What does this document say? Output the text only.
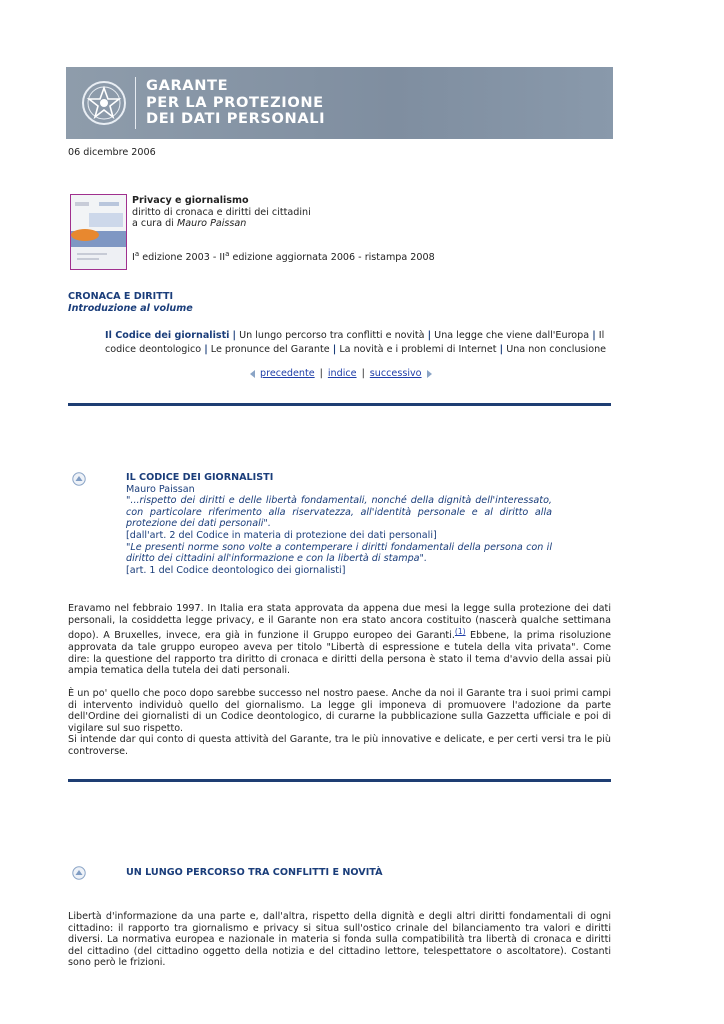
GARANTE
PER LA PROTEZIONE
DEI DATI PERSONALI
06 dicembre 2006
Privacy e giornalismo
diritto di cronaca e diritti dei cittadini
a cura di Mauro Paissan
$I^a$ edizione $2003 - II^a$ edizione aggiornata 2006 - ristampa 2008
CRONACA E DIRITTI
Introduzione al volume
Il Codice dei giornalisti | Un lungo percorso tra conflitti e novità | Una legge che viene dall'Europa | Il codice deontologico | Le pronunce del Garante | La novità e i problemi di Internet | Una non conclusione
precedente | indice | successivo
IL CODICE DEI GIORNALISTI
Mauro Paissan
"...rispetto dei diritti e delle libertà fondamentali, nonché della dignità dell'interessato, con particolare riferimento alla riservatezza, all'identità personale e al diritto alla protezione dei dati personali".
[dall'art. 2 del Codice in materia di protezione dei dati personali]
"Le presenti norme sono volte a contemperare i diritti fondamentali della persona con il diritto dei cittadini all'informazione e con la libertà di stampa".
[art. 1 del Codice deontologico dei giornalisti]
Eravamo nel febbraio 1997. In Italia era stata approvata da appena due mesi la legge sulla protezione dei dati personali, la cosiddetta legge privacy, e il Garante non era stato ancora costituito (nascerà qualche settimana dopo). A Bruxelles, invece, era già in funzione il Gruppo europeo dei Garanti.$^{(1)}$ Ebbene, la prima risoluzione approvata da tale gruppo europeo aveva per titolo "Libertà di espressione e tutela della vita privata". Come dire: la questione del rapporto tra diritto di cronaca e diritti della persona è stato il tema d'avvio della assai più ampia tematica della tutela dei dati personali.
È un po' quello che poco dopo sarebbe successo nel nostro paese. Anche da noi il Garante tra i suoi primi campi di intervento individuò quello del giornalismo. La legge gli imponeva di promuovere l'adozione da parte dell'Ordine dei giornalisti di un Codice deontologico, di curarne la pubblicazione sulla Gazzetta ufficiale e poi di vigilare sul suo rispetto.
Si intende dar qui conto di questa attività del Garante, tra le più innovative e delicate, e per certi versi tra le più controverse.
UN LUNGO PERCORSO TRA CONFLITTI E NOVITÀ
Libertà d'informazione da una parte e, dall'altra, rispetto della dignità e degli altri diritti fondamentali di ogni cittadino: il rapporto tra giornalismo e privacy si situa sull'ostico crinale del bilanciamento tra valori e diritti diversi. La normativa europea e nazionale in materia si fonda sulla compatibilità tra libertà di cronaca e diritti del cittadino (del cittadino oggetto della notizia e del cittadino lettore, telespettatore o ascoltatore). Costanti sono però le frizioni.
